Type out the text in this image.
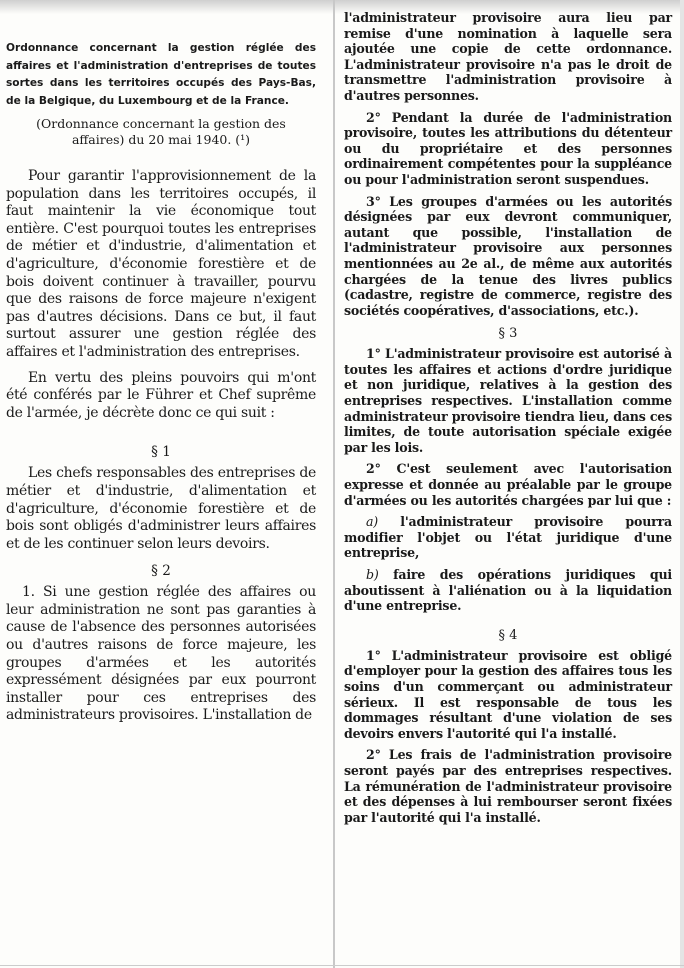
Ordonnance concernant la gestion réglée des affaires et l'administration d'entreprises de toutes sortes dans les territoires occupés des Pays-Bas, de la Belgique, du Luxembourg et de la France.

(Ordonnance concernant la gestion des affaires) du 20 mai 1940. (¹)

Pour garantir l'approvisionnement de la population dans les territoires occupés, il faut maintenir la vie économique tout entière. C'est pourquoi toutes les entreprises de métier et d'industrie, d'alimentation et d'agriculture, d'économie forestière et de bois doivent continuer à travailler, pourvu que des raisons de force majeure n'exigent pas d'autres décisions. Dans ce but, il faut surtout assurer une gestion réglée des affaires et l'administration des entreprises.

En vertu des pleins pouvoirs qui m'ont été conférés par le Führer et Chef suprême de l'armée, je décrète donc ce qui suit :

§ 1

Les chefs responsables des entreprises de métier et d'industrie, d'alimentation et d'agriculture, d'économie forestière et de bois sont obligés d'administrer leurs affaires et de les continuer selon leurs devoirs.

§ 2

1. Si une gestion réglée des affaires ou leur administration ne sont pas garanties à cause de l'absence des personnes autorisées ou d'autres raisons de force majeure, les groupes d'armées et les autorités expressément désignées par eux pourront installer pour ces entreprises des administrateurs provisoires. L'installation de

l'administrateur provisoire aura lieu par remise d'une nomination à laquelle sera ajoutée une copie de cette ordonnance. L'administrateur provisoire n'a pas le droit de transmettre l'administration provisoire à d'autres personnes.

2° Pendant la durée de l'administration provisoire, toutes les attributions du détenteur ou du propriétaire et des personnes ordinairement compétentes pour la suppléance ou pour l'administration seront suspendues.

3° Les groupes d'armées ou les autorités désignées par eux devront communiquer, autant que possible, l'installation de l'administrateur provisoire aux personnes mentionnées au 2e al., de même aux autorités chargées de la tenue des livres publics (cadastre, registre de commerce, registre des sociétés coopératives, d'associations, etc.).

§ 3

1° L'administrateur provisoire est autorisé à toutes les affaires et actions d'ordre juridique et non juridique, relatives à la gestion des entreprises respectives. L'installation comme administrateur provisoire tiendra lieu, dans ces limites, de toute autorisation spéciale exigée par les lois.

2° C'est seulement avec l'autorisation expresse et donnée au préalable par le groupe d'armées ou les autorités chargées par lui que :

a) l'administrateur provisoire pourra modifier l'objet ou l'état juridique d'une entreprise,

b) faire des opérations juridiques qui aboutissent à l'aliénation ou à la liquidation d'une entreprise.

§ 4

1° L'administrateur provisoire est obligé d'employer pour la gestion des affaires tous les soins d'un commerçant ou administrateur sérieux. Il est responsable de tous les dommages résultant d'une violation de ses devoirs envers l'autorité qui l'a installé.

2° Les frais de l'administration provisoire seront payés par des entreprises respectives. La rémunération de l'administrateur provisoire et des dépenses à lui rembourser seront fixées par l'autorité qui l'a installé.
